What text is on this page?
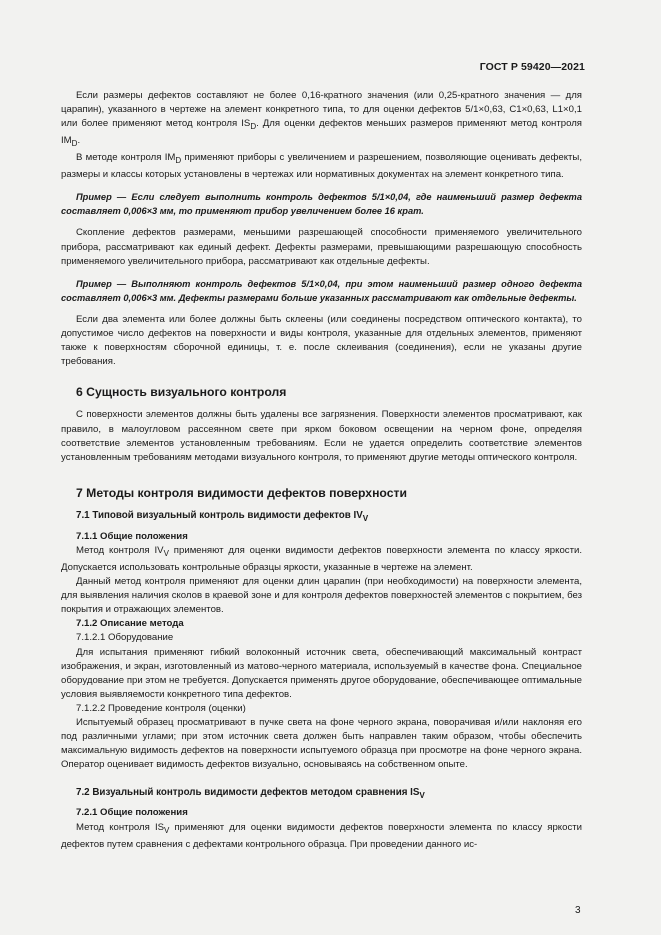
ГОСТ Р 59420—2021

Если размеры дефектов составляют не более 0,16-кратного значения (или 0,25-кратного значения — для царапин), указанного в чертеже на элемент конкретного типа, то для оценки дефектов 5/1×0,63, C1×0,63, L1×0,1 или более применяют метод контроля $IS_D$. Для оценки дефектов меньших размеров применяют метод контроля $IM_D$.

В методе контроля $IM_D$ применяют приборы с увеличением и разрешением, позволяющие оценивать дефекты, размеры и классы которых установлены в чертежах или нормативных документах на элемент конкретного типа.

Пример — Если следует выполнить контроль дефектов 5/1×0,04, где наименьший размер дефекта составляет 0,006×3 мм, то применяют прибор увеличением более 16 крат.

Скопление дефектов размерами, меньшими разрешающей способности применяемого увеличительного прибора, рассматривают как единый дефект. Дефекты размерами, превышающими разрешающую способность применяемого увеличительного прибора, рассматривают как отдельные дефекты.

Пример — Выполняют контроль дефектов 5/1×0,04, при этом наименьший размер одного дефекта составляет 0,006×3 мм. Дефекты размерами больше указанных рассматривают как отдельные дефекты.

Если два элемента или более должны быть склеены (или соединены посредством оптического контакта), то допустимое число дефектов на поверхности и виды контроля, указанные для отдельных элементов, применяют также к поверхностям сборочной единицы, т. е. после склеивания (соединения), если не указаны другие требования.

6 Сущность визуального контроля

С поверхности элементов должны быть удалены все загрязнения. Поверхности элементов просматривают, как правило, в малоугловом рассеянном свете при ярком боковом освещении на черном фоне, определяя соответствие элементов установленным требованиям. Если не удается определить соответствие элементов установленным требованиям методами визуального контроля, то применяют другие методы оптического контроля.

7 Методы контроля видимости дефектов поверхности
7.1 Типовой визуальный контроль видимости дефектов $IV_V$
7.1.1 Общие положения

Метод контроля $IV_V$ применяют для оценки видимости дефектов поверхности элемента по классу яркости. Допускается использовать контрольные образцы яркости, указанные в чертеже на элемент.

Данный метод контроля применяют для оценки длин царапин (при необходимости) на поверхности элемента, для выявления наличия сколов в краевой зоне и для контроля дефектов поверхностей элементов с покрытием, без покрытия и отражающих элементов.

7.1.2 Описание метода
7.1.2.1 Оборудование

Для испытания применяют гибкий волоконный источник света, обеспечивающий максимальный контраст изображения, и экран, изготовленный из матово-черного материала, используемый в качестве фона. Специальное оборудование при этом не требуется. Допускается применять другое оборудование, обеспечивающее оптимальные условия выявляемости конкретного типа дефектов.

7.1.2.2 Проведение контроля (оценки)

Испытуемый образец просматривают в пучке света на фоне черного экрана, поворачивая и/или наклоняя его под различными углами; при этом источник света должен быть направлен таким образом, чтобы обеспечить максимальную видимость дефектов на поверхности испытуемого образца при просмотре на фоне черного экрана. Оператор оценивает видимость дефектов визуально, основываясь на собственном опыте.

7.2 Визуальный контроль видимости дефектов методом сравнения $IS_V$
7.2.1 Общие положения

Метод контроля $IS_V$ применяют для оценки видимости дефектов поверхности элемента по классу яркости дефектов путем сравнения с дефектами контрольного образца. При проведении данного ис-

3
